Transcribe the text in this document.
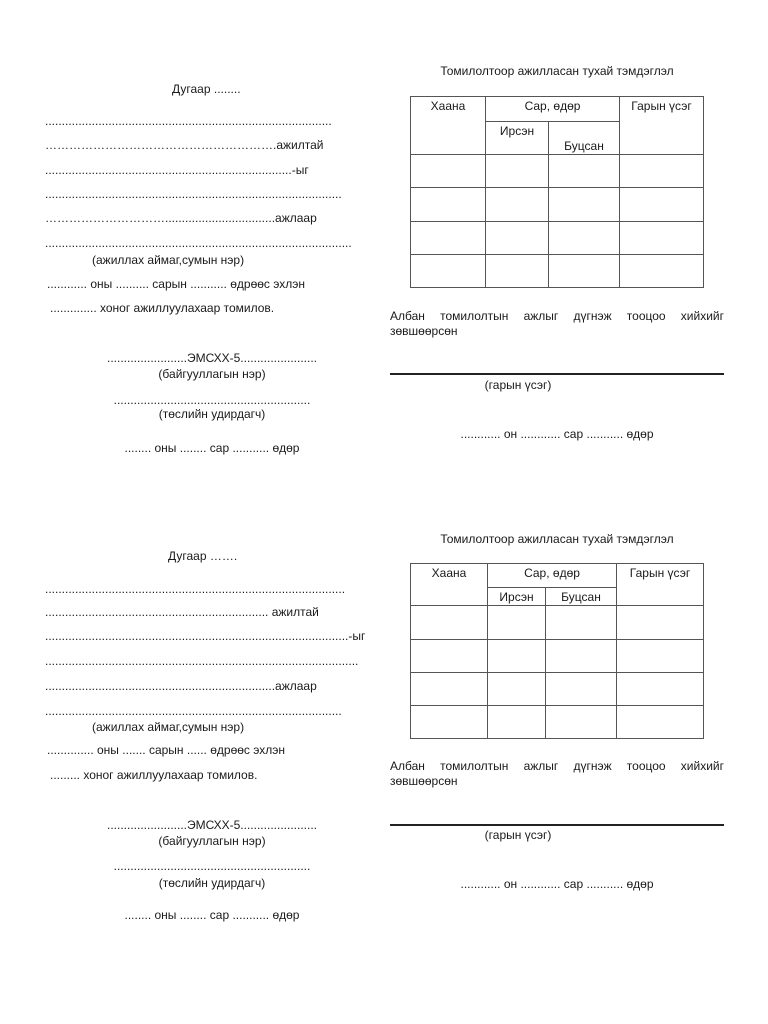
Дугаар ........
......................................................................................
………………………………………………….ажилтай
..........................................................................-ыг
.........................................................................................
………………………….................................ажлаар
............................................................................................
(ажиллах аймаг,сумын нэр)
............ оны .......... сарын ........... өдрөөс эхлэн
.............. хоног ажиллуулахаар томилов.
........................ЭМСХХ-5.......................
(байгууллагын нэр)
...........................................................
(төслийн удирдагч)
........ оны ........ сар ........... өдөр
Томилолтоор ажилласан тухай тэмдэглэл
Хаана	Сар, өдөр		Гарын үсэг
	Ирсэн	Буцсан	

Албан томилолтын ажлыг дүгнэж тооцоо хийхийг зөвшөөрсөн
(гарын үсэг)
............ он ............ сар ........... өдөр
Дугаар …….
..........................................................................................
................................................................... ажилтай
...........................................................................................-ыг
..............................................................................................
.....................................................................ажлаар
.........................................................................................
(ажиллах аймаг,сумын нэр)
.............. оны ....... сарын ...... өдрөөс эхлэн
......... хоног ажиллуулахаар томилов.
........................ЭМСХХ-5.......................
(байгууллагын нэр)
...........................................................
(төслийн удирдагч)
........ оны ........ сар ........... өдөр
Томилолтоор ажилласан тухай тэмдэглэл
Хаана	Сар, өдөр		Гарын үсэг
	Ирсэн	Буцсан	

Албан томилолтын ажлыг дүгнэж тооцоо хийхийг зөвшөөрсөн
(гарын үсэг)
............ он ............ сар ........... өдөр
